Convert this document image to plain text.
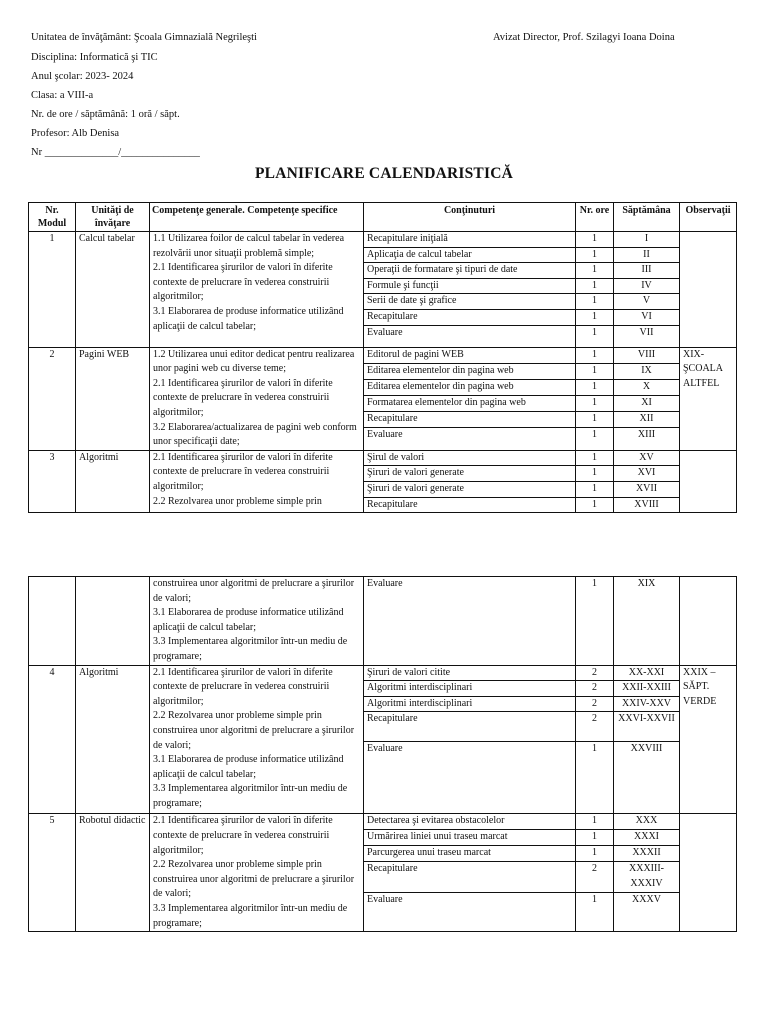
Unitatea de învăţământ: Şcoala Gimnazială Negrileşti	Avizat Director, Prof. Szilagyi Ioana Doina
Disciplina: Informatică şi TIC
Anul şcolar: 2023- 2024
Clasa: a VIII-a
Nr. de ore / săptămână: 1 oră / săpt.
Profesor: Alb Denisa
Nr ______________/_______________
PLANIFICARE CALENDARISTICĂ
Nr. Modul	Unităţi de învăţare	Competenţe generale. Competenţe specifice	Conţinuturi	Nr. ore	Săptămâna	Observaţii
1	Calcul tabelar	1.1 Utilizarea foilor de calcul tabelar în vederea rezolvării unor situaţii problemă simple;
2.1 Identificarea şirurilor de valori în diferite contexte de prelucrare în vederea construirii algoritmilor;
3.1 Elaborarea de produse informatice utilizând aplicaţii de calcul tabelar;	Recapitulare iniţială	1	I	
			Aplicaţia de calcul tabelar	1	II	
			Operaţii de formatare şi tipuri de date	1	III	
			Formule şi funcţii	1	IV	
			Serii de date şi grafice	1	V	
			Recapitulare	1	VI	
			Evaluare	1	VII	
2	Pagini WEB	1.2 Utilizarea unui editor dedicat pentru realizarea unor pagini web cu diverse teme;
2.1 Identificarea şirurilor de valori în diferite contexte de prelucrare în vederea construirii algoritmilor;
3.2 Elaborarea/actualizarea de pagini web conform unor specificaţii date;	Editorul de pagini WEB	1	VIII	XIX- ŞCOALA ALTFEL
			Editarea elementelor din pagina web	1	IX	
			Editarea elementelor din pagina web	1	X	
			Formatarea elementelor din pagina web	1	XI	
			Recapitulare	1	XII	
			Evaluare	1	XIII	
3	Algoritmi	2.1 Identificarea şirurilor de valori în diferite contexte de prelucrare în vederea construirii algoritmilor;
2.2 Rezolvarea unor probleme simple prin	Şirul de valori	1	XV	
			Şiruri de valori generate	1	XVI	
			Şiruri de valori generate	1	XVII	
			Recapitulare	1	XVIII	

		construirea unor algoritmi de prelucrare a şirurilor de valori;
3.1 Elaborarea de produse informatice utilizând aplicaţii de calcul tabelar;
3.3 Implementarea algoritmilor într-un mediu de programare;	Evaluare	1	XIX	
4	Algoritmi	2.1 Identificarea şirurilor de valori în diferite contexte de prelucrare în vederea construirii algoritmilor;
2.2 Rezolvarea unor probleme simple prin construirea unor algoritmi de prelucrare a şirurilor de valori;
3.1 Elaborarea de produse informatice utilizând aplicaţii de calcul tabelar;
3.3 Implementarea algoritmilor într-un mediu de programare;	Şiruri de valori citite	2	XX-XXI	XXIX – SĂPT. VERDE
			Algoritmi interdisciplinari	2	XXII-XXIII	
			Algoritmi interdisciplinari	2	XXIV-XXV	
			Recapitulare	2	XXVI-XXVII	
			Evaluare	1	XXVIII	
5	Robotul didactic	2.1 Identificarea şirurilor de valori în diferite contexte de prelucrare în vederea construirii algoritmilor;
2.2 Rezolvarea unor probleme simple prin construirea unor algoritmi de prelucrare a şirurilor de valori;
3.3 Implementarea algoritmilor într-un mediu de programare;	Detectarea şi evitarea obstacolelor	1	XXX	
			Urmărirea liniei unui traseu marcat	1	XXXI	
			Parcurgerea unui traseu marcat	1	XXXII	
			Recapitulare	2	XXXIII-XXXIV	
			Evaluare	1	XXXV	
